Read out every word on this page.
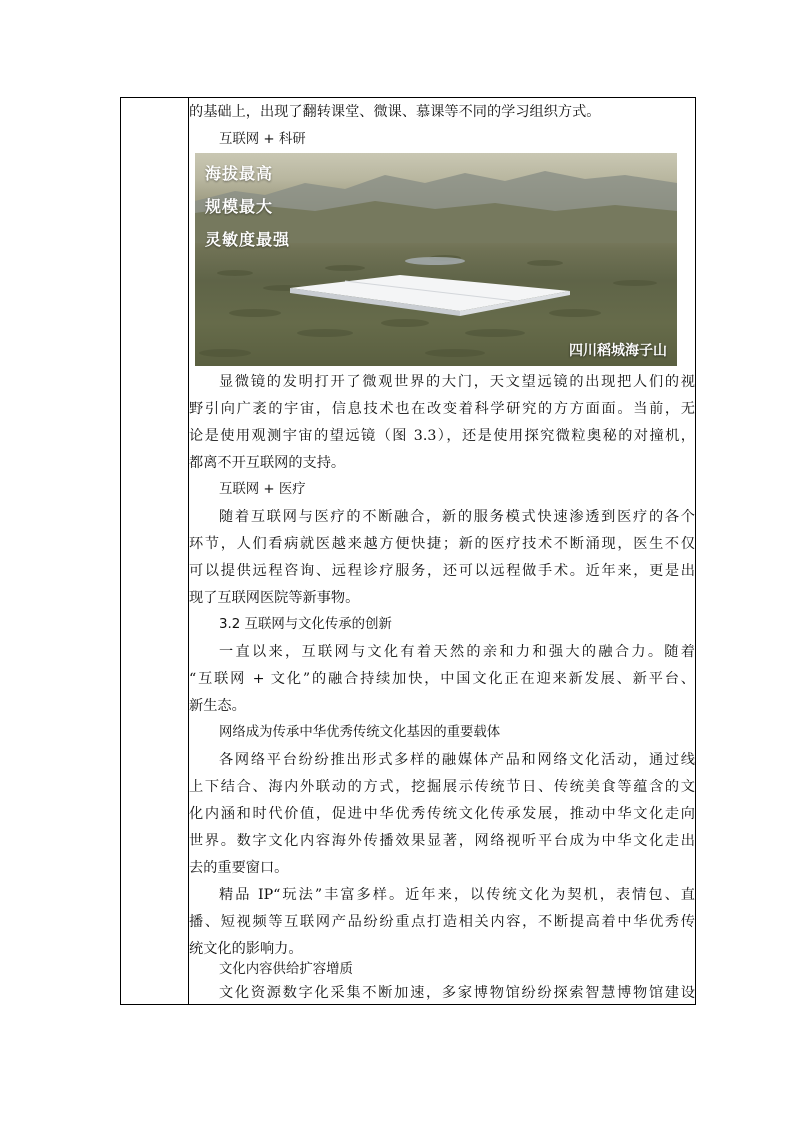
的基础上，出现了翻转课堂、微课、慕课等不同的学习组织方式。
互联网 + 科研
海拔最高
规模最大
灵敏度最强
四川稻城海子山
显微镜的发明打开了微观世界的大门，天文望远镜的出现把人们的视
野引向广袤的宇宙，信息技术也在改变着科学研究的方方面面。当前，无
论是使用观测宇宙的望远镜（图 3.3），还是使用探究微粒奥秘的对撞机，
都离不开互联网的支持。
互联网 + 医疗
随着互联网与医疗的不断融合，新的服务模式快速渗透到医疗的各个
环节，人们看病就医越来越方便快捷；新的医疗技术不断涌现，医生不仅
可以提供远程咨询、远程诊疗服务，还可以远程做手术。近年来，更是出
现了互联网医院等新事物。
3.2 互联网与文化传承的创新
一直以来，互联网与文化有着天然的亲和力和强大的融合力。随着
“互联网 + 文化”的融合持续加快，中国文化正在迎来新发展、新平台、
新生态。
网络成为传承中华优秀传统文化基因的重要载体
各网络平台纷纷推出形式多样的融媒体产品和网络文化活动，通过线
上下结合、海内外联动的方式，挖掘展示传统节日、传统美食等蕴含的文
化内涵和时代价值，促进中华优秀传统文化传承发展，推动中华文化走向
世界。数字文化内容海外传播效果显著，网络视听平台成为中华文化走出
去的重要窗口。
精品 IP“玩法”丰富多样。近年来，以传统文化为契机，表情包、直
播、短视频等互联网产品纷纷重点打造相关内容，不断提高着中华优秀传
统文化的影响力。
文化内容供给扩容增质
文化资源数字化采集不断加速，多家博物馆纷纷探索智慧博物馆建设
